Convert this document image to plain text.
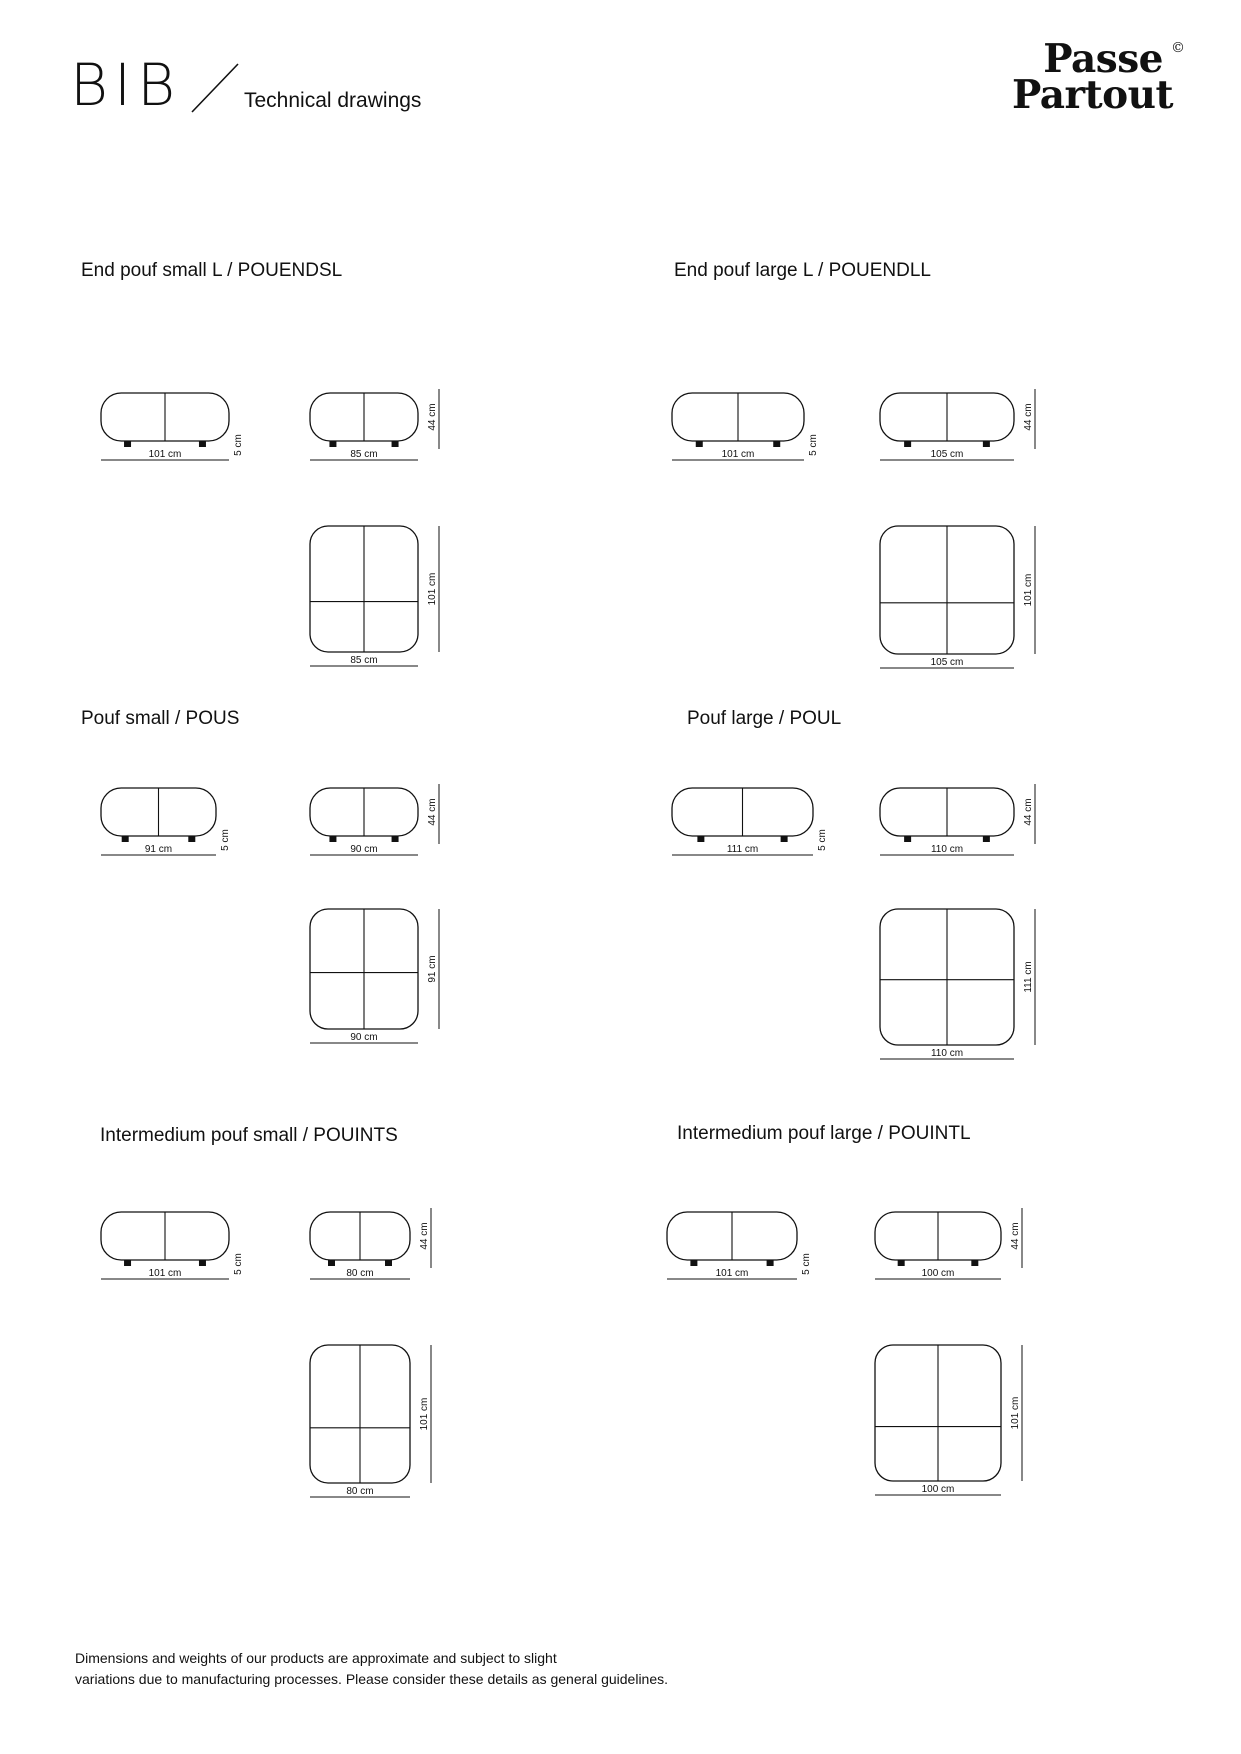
BIB	Technical drawings
Passe
Partout
©
End pouf small L / POUENDSL	End pouf large L / POUENDLL
Pouf small / POUS	Pouf large / POUL
Intermedium pouf small / POUINTS	Intermedium pouf large / POUINTL
101 cm	5 cm	85 cm
44 cm
85 cm
101 cm
101 cm	5 cm	105 cm
44 cm
105 cm
101 cm
91 cm	5 cm	90 cm
44 cm
90 cm
91 cm
111 cm	5 cm	110 cm
44 cm
110 cm
111 cm
101 cm	5 cm	80 cm
44 cm
80 cm
101 cm
101 cm	5 cm	100 cm
44 cm
100 cm
101 cm
Dimensions and weights of our products are approximate and subject to slight
variations due to manufacturing processes. Please consider these details as general guidelines.
